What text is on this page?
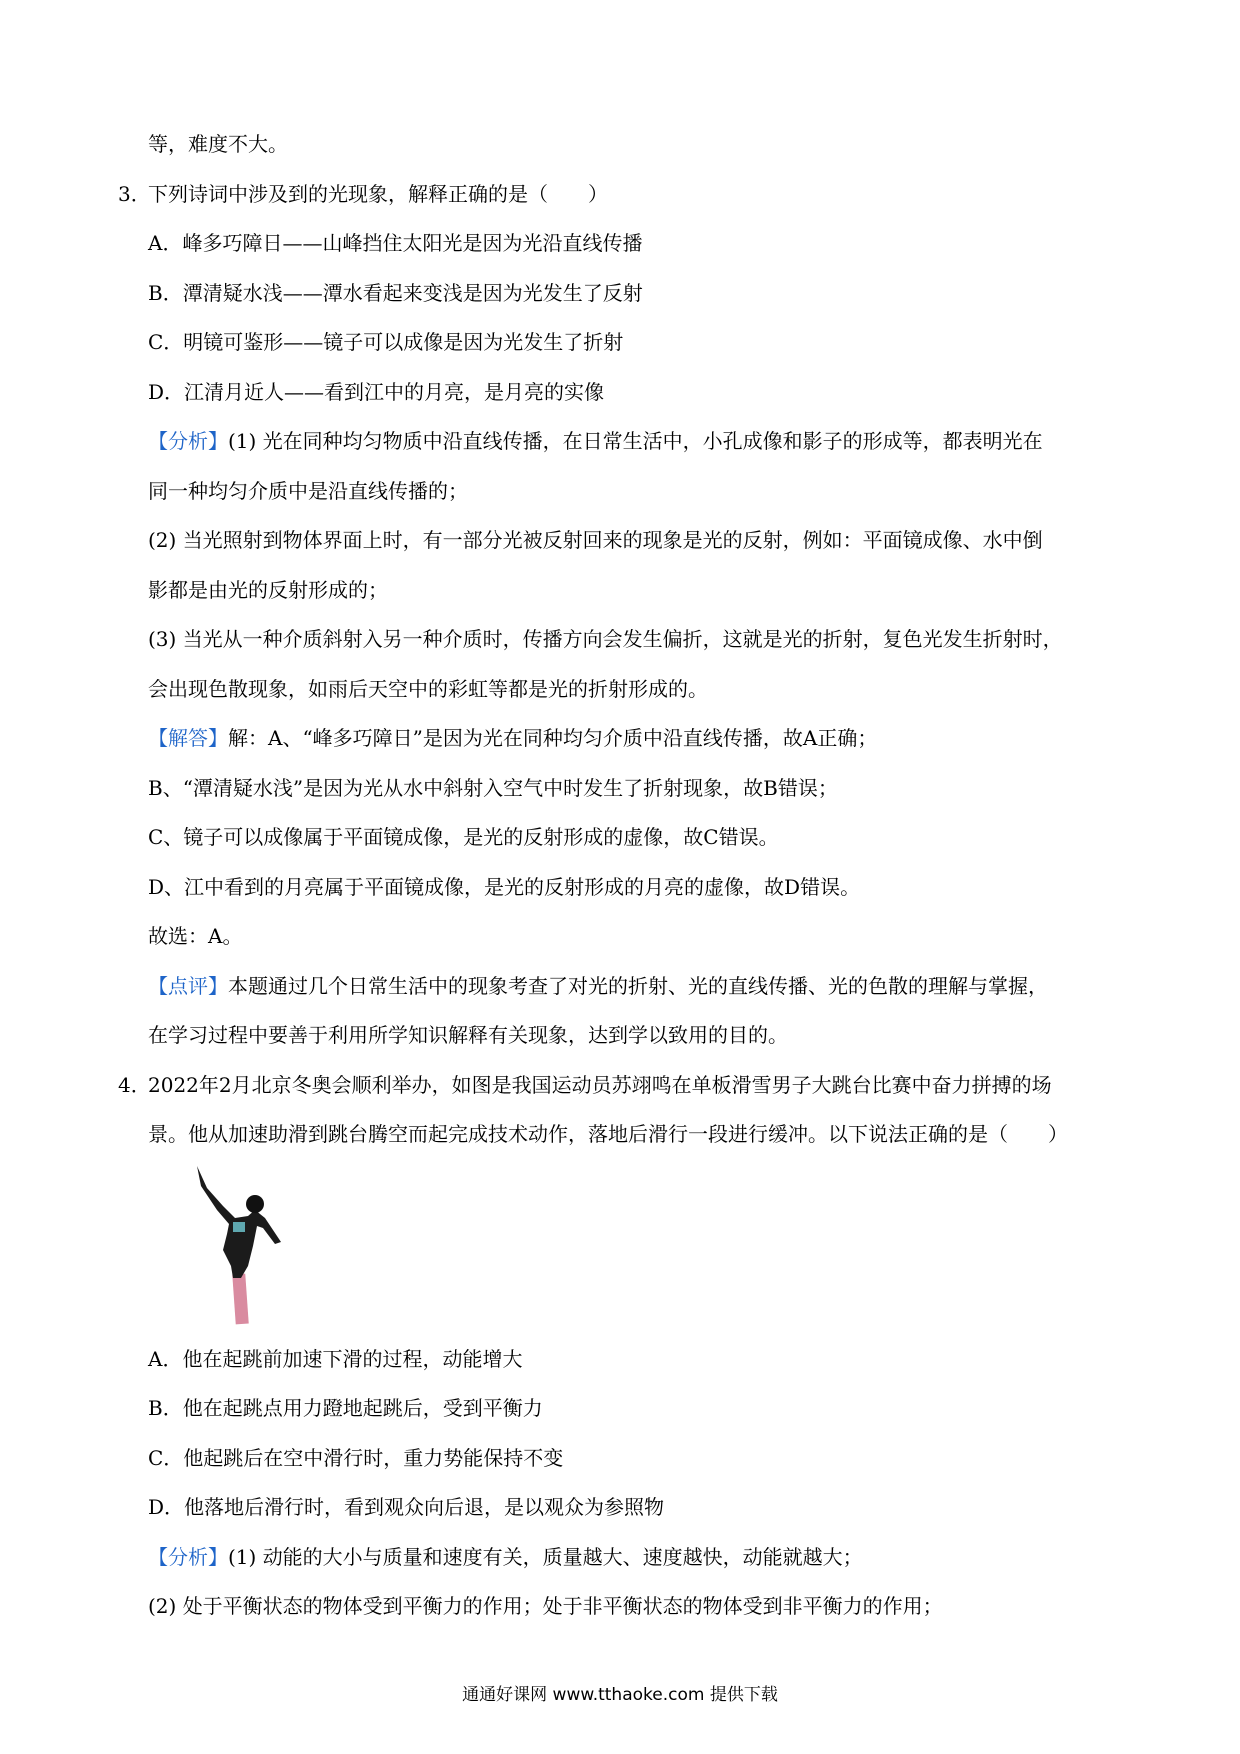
等，难度不大。

3．
下列诗词中涉及到的光现象，解释正确的是（　　）

A．峰多巧障日——山峰挡住太阳光是因为光沿直线传播

B．潭清疑水浅——潭水看起来变浅是因为光发生了反射

C．明镜可鉴形——镜子可以成像是因为光发生了折射

D．江清月近人——看到江中的月亮，是月亮的实像

【分析】(1) 光在同种均匀物质中沿直线传播，在日常生活中，小孔成像和影子的形成等，都表明光在

同一种均匀介质中是沿直线传播的；

(2) 当光照射到物体界面上时，有一部分光被反射回来的现象是光的反射，例如：平面镜成像、水中倒

影都是由光的反射形成的；

(3) 当光从一种介质斜射入另一种介质时，传播方向会发生偏折，这就是光的折射，复色光发生折射时，

会出现色散现象，如雨后天空中的彩虹等都是光的折射形成的。

【解答】解：A、“峰多巧障日”是因为光在同种均匀介质中沿直线传播，故A正确；

B、“潭清疑水浅”是因为光从水中斜射入空气中时发生了折射现象，故B错误；

C、镜子可以成像属于平面镜成像，是光的反射形成的虚像，故C错误。

D、江中看到的月亮属于平面镜成像，是光的反射形成的月亮的虚像，故D错误。

故选：A。

【点评】本题通过几个日常生活中的现象考查了对光的折射、光的直线传播、光的色散的理解与掌握，

在学习过程中要善于利用所学知识解释有关现象，达到学以致用的目的。

4．
2022年2月北京冬奥会顺利举办，如图是我国运动员苏翊鸣在单板滑雪男子大跳台比赛中奋力拼搏的场

景。他从加速助滑到跳台腾空而起完成技术动作，落地后滑行一段进行缓冲。以下说法正确的是（　　）

A．他在起跳前加速下滑的过程，动能增大

B．他在起跳点用力蹬地起跳后，受到平衡力

C．他起跳后在空中滑行时，重力势能保持不变

D．他落地后滑行时，看到观众向后退，是以观众为参照物

【分析】(1) 动能的大小与质量和速度有关，质量越大、速度越快，动能就越大；

(2) 处于平衡状态的物体受到平衡力的作用；处于非平衡状态的物体受到非平衡力的作用；

通通好课网 www.tthaoke.com 提供下载
